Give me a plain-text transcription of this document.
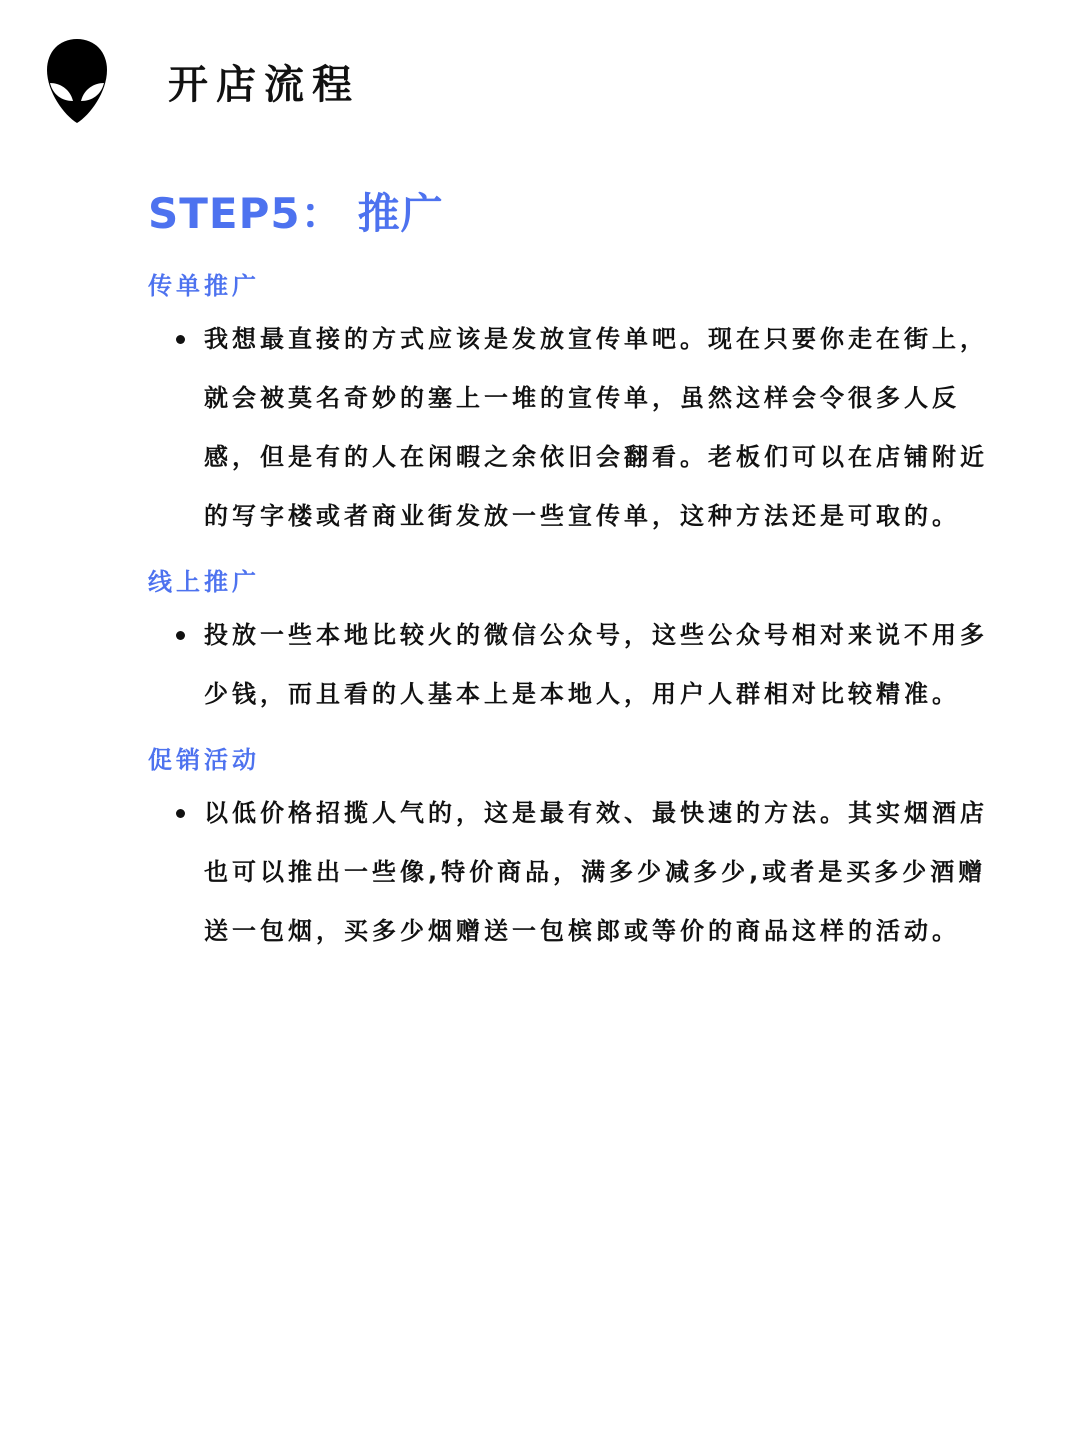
开店流程
STEP5： 推广
传单推广
我想最直接的方式应该是发放宣传单吧。现在只要你走在街上，就会被莫名奇妙的塞上一堆的宣传单，虽然这样会令很多人反感，但是有的人在闲暇之余依旧会翻看。老板们可以在店铺附近的写字楼或者商业街发放一些宣传单，这种方法还是可取的。
线上推广
投放一些本地比较火的微信公众号，这些公众号相对来说不用多少钱，而且看的人基本上是本地人，用户人群相对比较精准。
促销活动
以低价格招揽人气的，这是最有效、最快速的方法。其实烟酒店也可以推出一些像,特价商品，满多少减多少,或者是买多少酒赠送一包烟，买多少烟赠送一包槟郎或等价的商品这样的活动。
